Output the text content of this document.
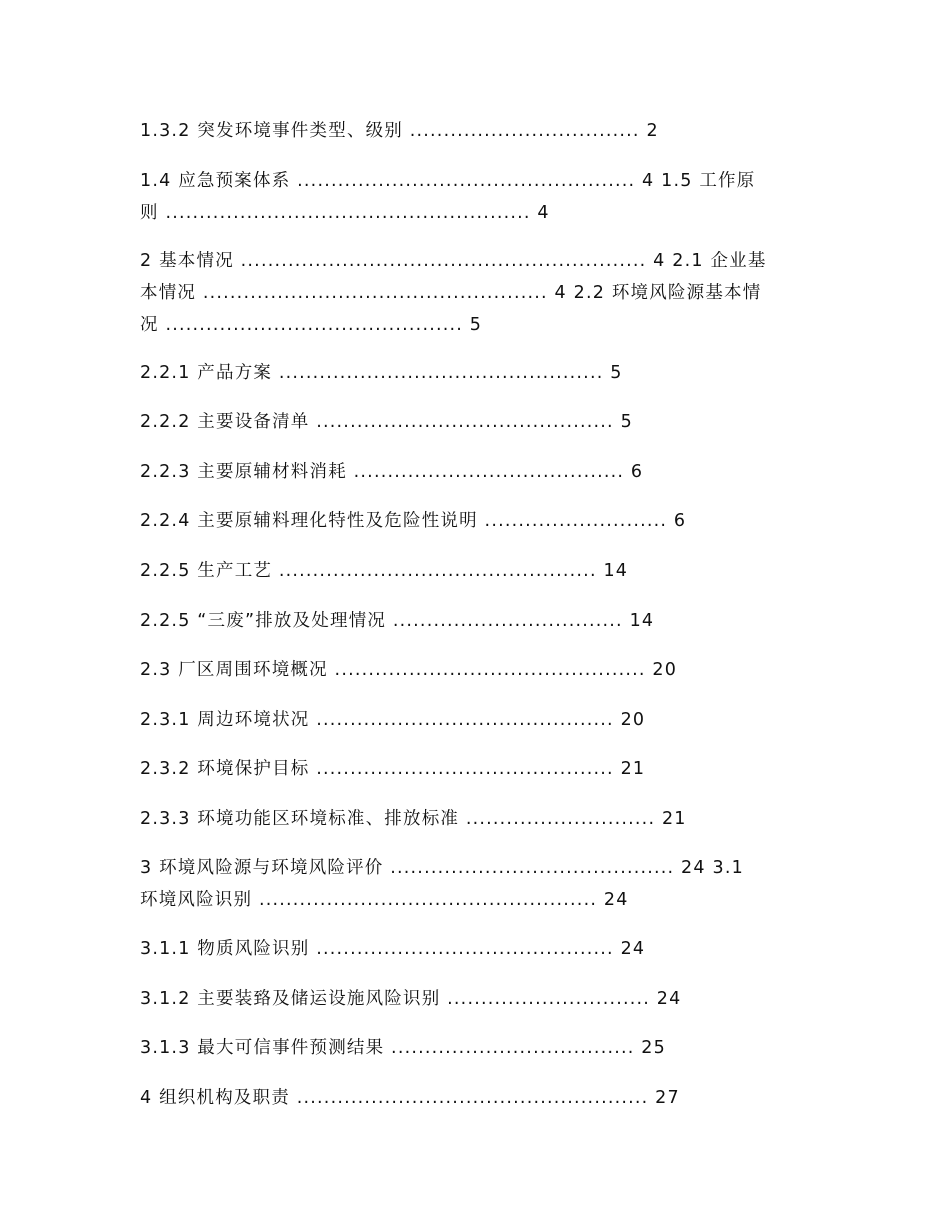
1.3.2 突发环境事件类型、级别 .................................. 2
1.4 应急预案体系 .................................................. 4 1.5 工作原
则 ...................................................... 4
2 基本情况 ............................................................ 4 2.1 企业基
本情况 ................................................... 4 2.2 环境风险源基本情
况 ............................................ 5
2.2.1 产品方案 ................................................ 5
2.2.2 主要设备清单 ............................................ 5
2.2.3 主要原辅材料消耗 ........................................ 6
2.2.4 主要原辅料理化特性及危险性说明 ........................... 6
2.2.5 生产工艺 ............................................... 14
2.2.5 “三废”排放及处理情况 .................................. 14
2.3 厂区周围环境概况 .............................................. 20
2.3.1 周边环境状况 ............................................ 20
2.3.2 环境保护目标 ............................................ 21
2.3.3 环境功能区环境标准、排放标准 ............................ 21
3 环境风险源与环境风险评价 .......................................... 24 3.1
环境风险识别 .................................................. 24
3.1.1 物质风险识别 ............................................ 24
3.1.2 主要装臵及储运设施风险识别 .............................. 24
3.1.3 最大可信事件预测结果 .................................... 25
4 组织机构及职责 .................................................... 27
